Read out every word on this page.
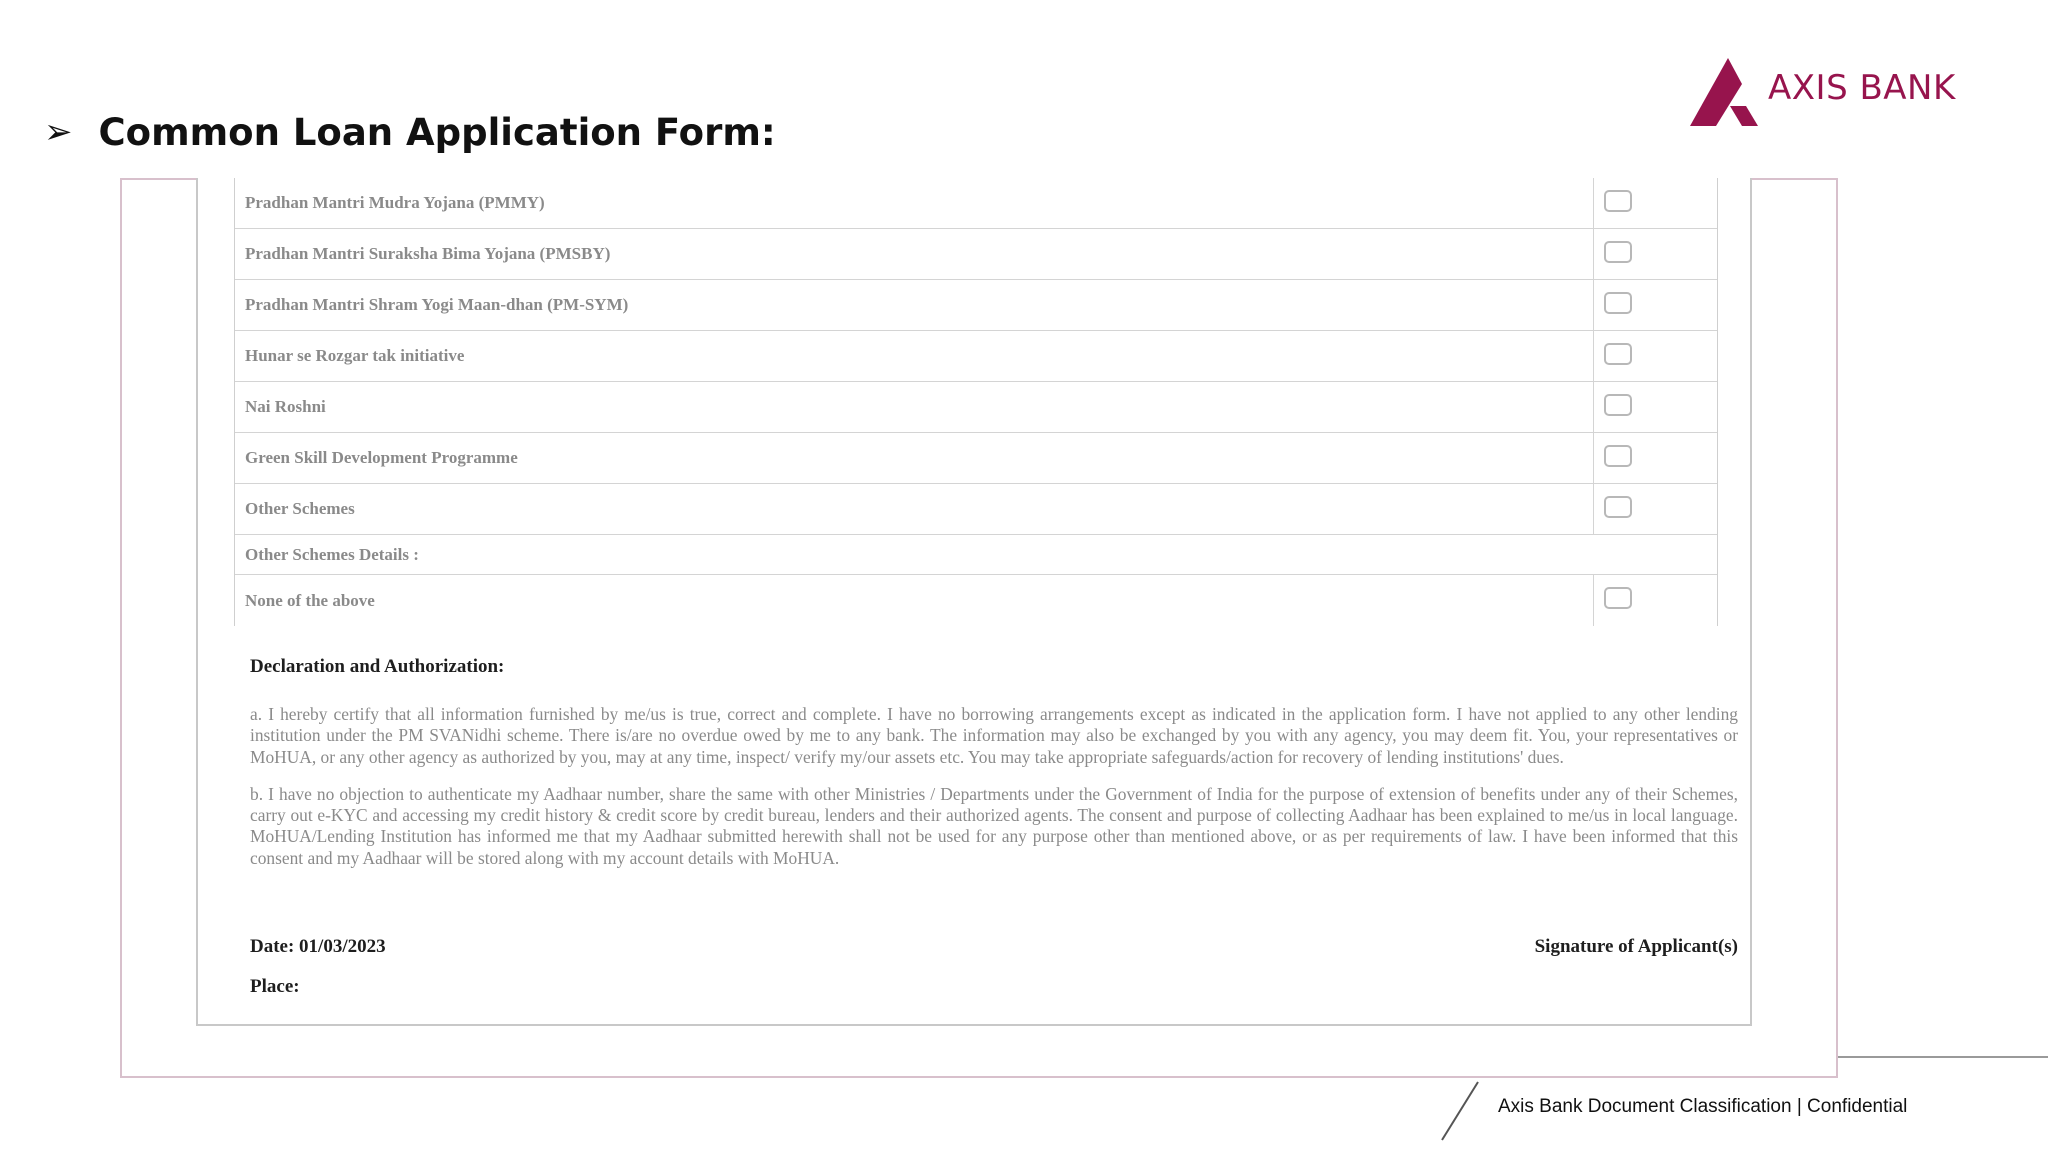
➢ Common Loan Application Form:
AXIS BANK
Pradhan Mantri Mudra Yojana (PMMY)
Pradhan Mantri Suraksha Bima Yojana (PMSBY)
Pradhan Mantri Shram Yogi Maan-dhan (PM-SYM)
Hunar se Rozgar tak initiative
Nai Roshni
Green Skill Development Programme
Other Schemes
Other Schemes Details :
None of the above
Declaration and Authorization:

a. I hereby certify that all information furnished by me/us is true, correct and complete. I have no borrowing arrangements except as indicated in the application form. I have not applied to any other lending institution under the PM SVANidhi scheme. There is/are no overdue owed by me to any bank. The information may also be exchanged by you with any agency, you may deem fit. You, your representatives or MoHUA, or any other agency as authorized by you, may at any time, inspect/ verify my/our assets etc. You may take appropriate safeguards/action for recovery of lending institutions' dues.

b. I have no objection to authenticate my Aadhaar number, share the same with other Ministries / Departments under the Government of India for the purpose of extension of benefits under any of their Schemes, carry out e-KYC and accessing my credit history & credit score by credit bureau, lenders and their authorized agents. The consent and purpose of collecting Aadhaar has been explained to me/us in local language. MoHUA/Lending Institution has informed me that my Aadhaar submitted herewith shall not be used for any purpose other than mentioned above, or as per requirements of law. I have been informed that this consent and my Aadhaar will be stored along with my account details with MoHUA.

Date: 01/03/2023	Signature of Applicant(s)
Place:
Axis Bank Document Classification | Confidential
